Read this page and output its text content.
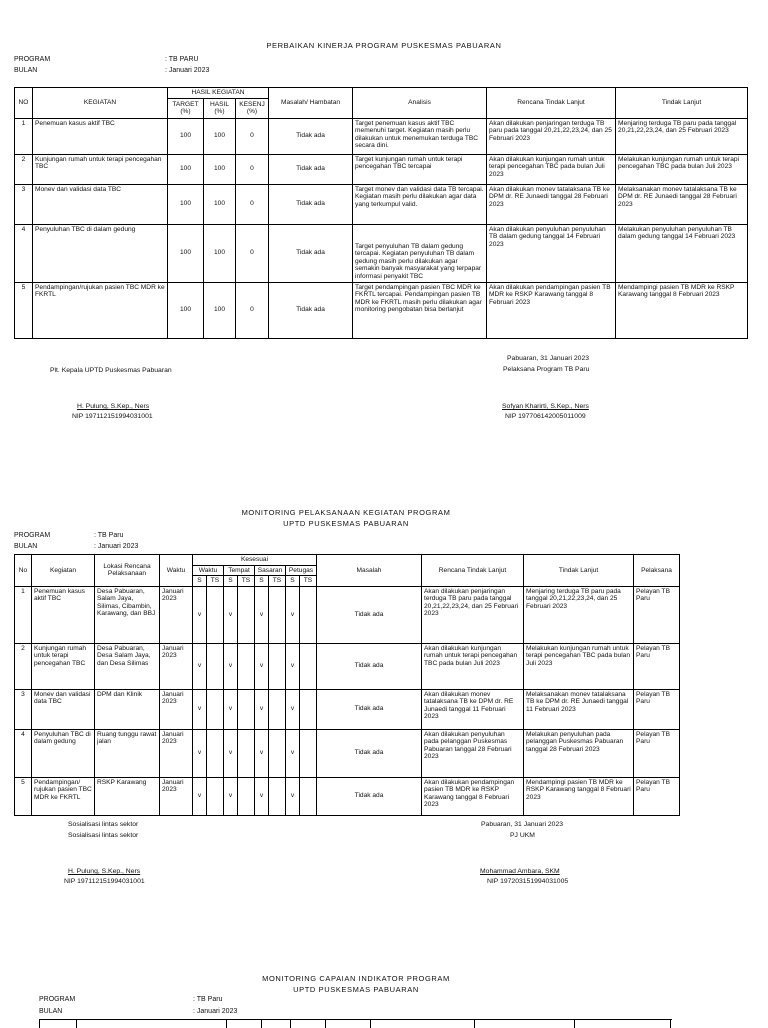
PERBAIKAN KINERJA PROGRAM PUSKESMAS PABUARAN
PROGRAM	: TB PARU
BULAN	: Januari 2023
NO	KEGIATAN	HASIL KEGIATAN			Masalah/ Hambatan	Analisis	Rencana Tindak Lanjut	Tindak Lanjut
		TARGET (%)	HASIL (%)	KESENJ (%)				
1	Penemuan kasus aktif TBC	100	100	0	Tidak ada	Target penemuan kasus aktif TBC memenuhi target. Kegiatan masih perlu dilakukan untuk menemukan terduga TBC secara dini.	Akan dilakukan penjaringan terduga TB paru pada tanggal 20,21,22,23,24, dan 25 Februari 2023	Menjaring terduga TB paru pada tanggal 20,21,22,23,24, dan 25 Februari 2023
2	Kunjungan rumah untuk terapi pencegahan TBC	100	100	0	Tidak ada	Target kunjungan rumah untuk terapi pencegahan TBC tercapai	Akan dilakukan kunjungan rumah untuk terapi pencegahan TBC pada bulan Juli 2023	Melakukan kunjungan rumah untuk terapi pencegahan TBC pada bulan Juli 2023
3	Monev dan validasi data TBC	100	100	0	Tidak ada	Target monev dan validasi data TB tercapai. Kegiatan masih perlu dilakukan agar data yang terkumpul valid.	Akan dilakukan monev tatalaksana TB ke DPM dr. RE Junaedi tanggal 28 Februari 2023	Melaksanakan monev tatalaksana TB ke DPM dr. RE Junaedi tanggal 28 Februari 2023
4	Penyuluhan TBC di dalam gedung	100	100	0	Tidak ada	Target penyuluhan TB dalam gedung tercapai. Kegiatan penyuluhan TB dalam gedung masih perlu dilakukan agar semakin banyak masyarakat yang terpapar informasi penyakit TBC	Akan dilakukan penyuluhan penyuluhan TB dalam gedung tanggal 14 Februari 2023	Melakukan penyuluhan penyuluhan TB dalam gedung tanggal 14 Februari 2023
5	Pendampingan/rujukan pasien TBC MDR ke FKRTL	100	100	0	Tidak ada	Target pendampingan pasien TBC MDR ke FKRTL tercapai. Pendampingan pasien TB MDR ke FKRTL masih perlu dilakukan agar monitoring pengobatan bisa berlanjut	Akan dilakukan pendampingan pasien TB MDR ke RSKP Karawang tanggal 8 Februari 2023	Mendampingi pasien TB MDR ke RSKP Karawang tanggal 8 Februari 2023
Plt. Kepala UPTD Puskesmas Pabuaran
H. Pulung, S.Kep., Ners
NIP 197112151994031001
Pabuaran, 31 Januari 2023
Pelaksana Program TB Paru
Sofyan Kharirti, S.Kep., Ners
NIP 197706142005011009
MONITORING PELAKSANAAN KEGIATAN PROGRAM
UPTD PUSKESMAS PABUARAN
PROGRAM	: TB Paru
BULAN	: Januari 2023
No	Kegiatan	Lokasi Rencana Pelaksanaan	Waktu	Kesesuai								Masalah	Rencana Tindak Lanjut	Tindak Lanjut	Pelaksana
				Waktu		Tempat		Sasaran		Petugas					
				S	TS	S	TS	S	TS	S	TS				
1	Penemuan kasus aktif TBC	Desa Pabuaran, Salam Jaya, Silimas, Cibambin, Karawang, dan BBJ	Januari 2023	v		v		v		v		Tidak ada	Akan dilakukan penjaringan terduga TB paru pada tanggal 20,21,22,23,24, dan 25 Februari 2023	Menjaring terduga TB paru pada tanggal 20,21,22,23,24, dan 25 Februari 2023	Pelayan TB Paru
2	Kunjungan rumah untuk terapi pencegahan TBC	Desa Pabuaran, Desa Salam Jaya, dan Desa Silimas	Januari 2023	v		v		v		v		Tidak ada	Akan dilakukan kunjungan rumah untuk terapi pencegahan TBC pada bulan Juli 2023	Melakukan kunjungan rumah untuk terapi pencegahan TBC pada bulan Juli 2023	Pelayan TB Paru
3	Monev dan validasi data TBC	DPM dan Klinik	Januari 2023	v		v		v		v		Tidak ada	Akan dilakukan monev tatalaksana TB ke DPM dr. RE Junaedi tanggal 11 Februari 2023	Melaksanakan monev tatalaksana TB ke DPM dr. RE Junaedi tanggal 11 Februari 2023	Pelayan TB Paru
4	Penyuluhan TBC di dalam gedung	Ruang tunggu rawat jalan	Januari 2023	v		v		v		v		Tidak ada	Akan dilakukan penyuluhan pada pelanggan Puskesmas Pabuaran tanggal 28 Februari 2023	Melakukan penyuluhan pada pelanggan Puskesmas Pabuaran tanggal 28 Februari 2023	Pelayan TB Paru
5	Pendampingan/ rujukan pasien TBC MDR ke FKRTL	RSKP Karawang	Januari 2023	v		v		v		v		Tidak ada	Akan dilakukan pendampingan pasien TB MDR ke RSKP Karawang tanggal 8 Februari 2023	Mendampingi pasien TB MDR ke RSKP Karawang tanggal 8 Februari 2023	Pelayan TB Paru
Sosialisasi lintas sektor
Sosialisasi lintas sektor
Pabuaran, 31 Januari 2023
PJ UKM
H. Pulung, S.Kep., Ners
NIP 197112151994031001
Mohammad Ambara, SKM
NIP 197203151994031005
MONITORING CAPAIAN INDIKATOR PROGRAM
UPTD PUSKESMAS PABUARAN
PROGRAM	: TB Paru
BULAN	: Januari 2023
